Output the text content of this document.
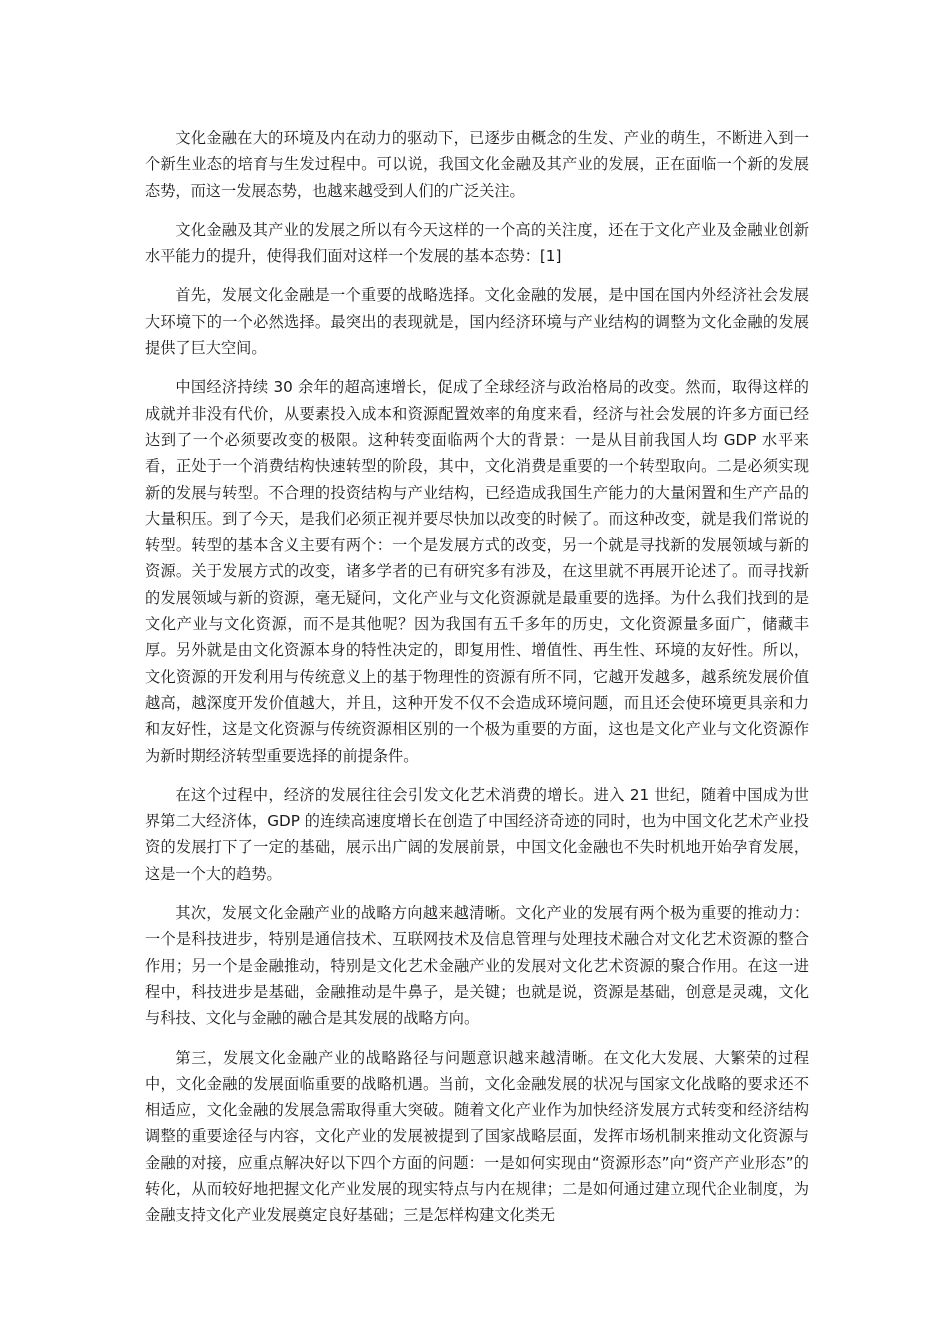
文化金融在大的环境及内在动力的驱动下，已逐步由概念的生发、产业的萌生，不断进入到一个新生业态的培育与生发过程中。可以说，我国文化金融及其产业的发展，正在面临一个新的发展态势，而这一发展态势，也越来越受到人们的广泛关注。

文化金融及其产业的发展之所以有今天这样的一个高的关注度，还在于文化产业及金融业创新水平能力的提升，使得我们面对这样一个发展的基本态势：[1]

首先，发展文化金融是一个重要的战略选择。文化金融的发展，是中国在国内外经济社会发展大环境下的一个必然选择。最突出的表现就是，国内经济环境与产业结构的调整为文化金融的发展提供了巨大空间。

中国经济持续 30 余年的超高速增长，促成了全球经济与政治格局的改变。然而，取得这样的成就并非没有代价，从要素投入成本和资源配置效率的角度来看，经济与社会发展的许多方面已经达到了一个必须要改变的极限。这种转变面临两个大的背景：一是从目前我国人均 GDP 水平来看，正处于一个消费结构快速转型的阶段，其中，文化消费是重要的一个转型取向。二是必须实现新的发展与转型。不合理的投资结构与产业结构，已经造成我国生产能力的大量闲置和生产产品的大量积压。到了今天，是我们必须正视并要尽快加以改变的时候了。而这种改变，就是我们常说的转型。转型的基本含义主要有两个：一个是发展方式的改变，另一个就是寻找新的发展领域与新的资源。关于发展方式的改变，诸多学者的已有研究多有涉及，在这里就不再展开论述了。而寻找新的发展领域与新的资源，毫无疑问，文化产业与文化资源就是最重要的选择。为什么我们找到的是文化产业与文化资源，而不是其他呢？因为我国有五千多年的历史，文化资源量多面广，储藏丰厚。另外就是由文化资源本身的特性决定的，即复用性、增值性、再生性、环境的友好性。所以，文化资源的开发利用与传统意义上的基于物理性的资源有所不同，它越开发越多，越系统发展价值越高，越深度开发价值越大，并且，这种开发不仅不会造成环境问题，而且还会使环境更具亲和力和友好性，这是文化资源与传统资源相区别的一个极为重要的方面，这也是文化产业与文化资源作为新时期经济转型重要选择的前提条件。

在这个过程中，经济的发展往往会引发文化艺术消费的增长。进入 21 世纪，随着中国成为世界第二大经济体，GDP 的连续高速度增长在创造了中国经济奇迹的同时，也为中国文化艺术产业投资的发展打下了一定的基础，展示出广阔的发展前景，中国文化金融也不失时机地开始孕育发展，这是一个大的趋势。

其次，发展文化金融产业的战略方向越来越清晰。文化产业的发展有两个极为重要的推动力：一个是科技进步，特别是通信技术、互联网技术及信息管理与处理技术融合对文化艺术资源的整合作用；另一个是金融推动，特别是文化艺术金融产业的发展对文化艺术资源的聚合作用。在这一进程中，科技进步是基础，金融推动是牛鼻子，是关键；也就是说，资源是基础，创意是灵魂，文化与科技、文化与金融的融合是其发展的战略方向。

第三，发展文化金融产业的战略路径与问题意识越来越清晰。在文化大发展、大繁荣的过程中，文化金融的发展面临重要的战略机遇。当前，文化金融发展的状况与国家文化战略的要求还不相适应，文化金融的发展急需取得重大突破。随着文化产业作为加快经济发展方式转变和经济结构调整的重要途径与内容，文化产业的发展被提到了国家战略层面，发挥市场机制来推动文化资源与金融的对接，应重点解决好以下四个方面的问题：一是如何实现由“资源形态”向“资产产业形态”的转化，从而较好地把握文化产业发展的现实特点与内在规律；二是如何通过建立现代企业制度，为金融支持文化产业发展奠定良好基础；三是怎样构建文化类无
